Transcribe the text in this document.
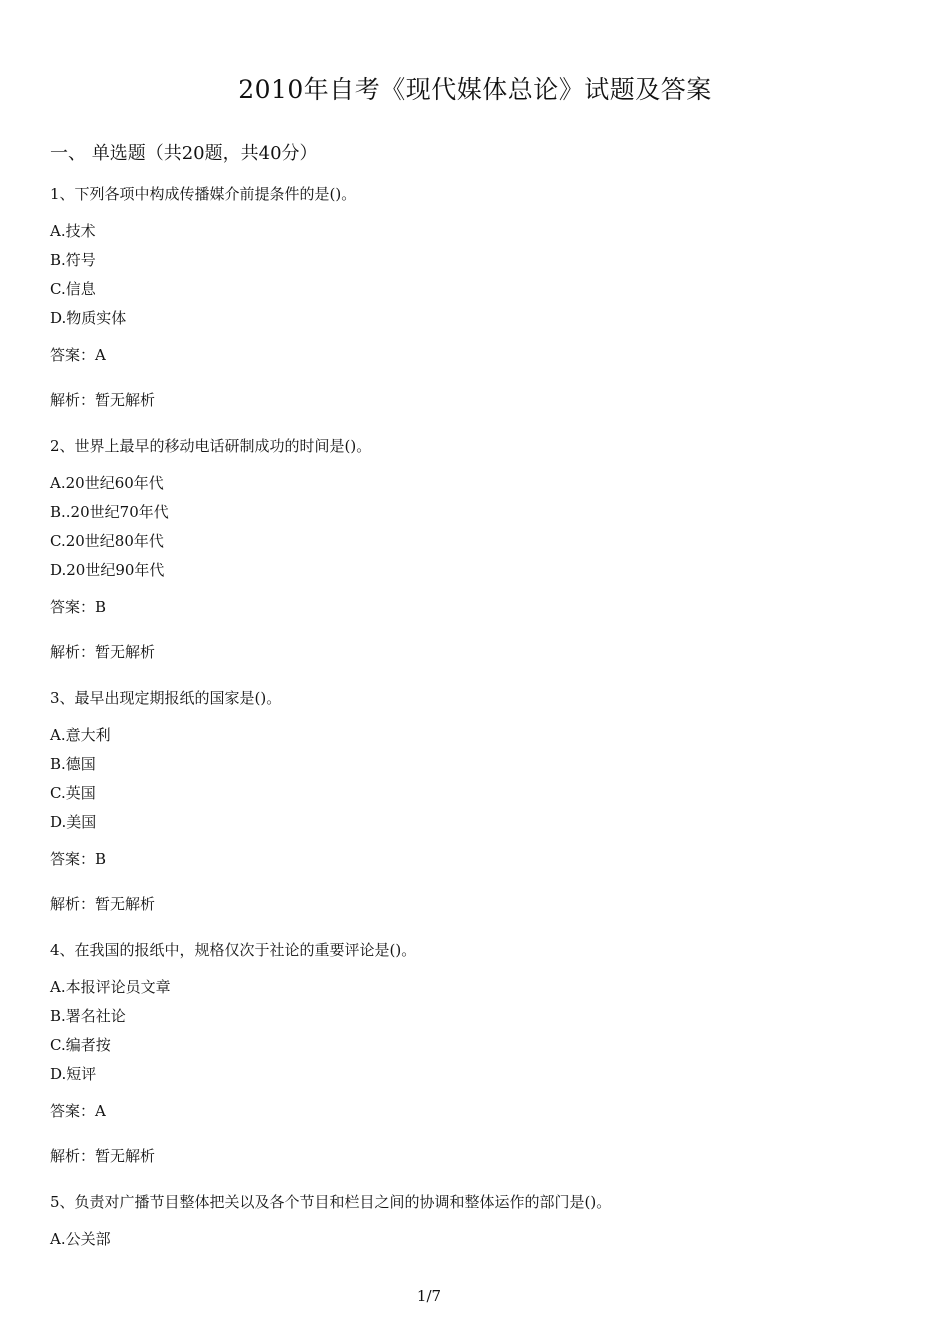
2010年自考《现代媒体总论》试题及答案
一、 单选题（共20题，共40分）
1、下列各项中构成传播媒介前提条件的是()。
A.技术
B.符号
C.信息
D.物质实体
答案：A
解析：暂无解析
2、世界上最早的移动电话研制成功的时间是()。
A.20世纪60年代
B..20世纪70年代
C.20世纪80年代
D.20世纪90年代
答案：B
解析：暂无解析
3、最早出现定期报纸的国家是()。
A.意大利
B.德国
C.英国
D.美国
答案：B
解析：暂无解析
4、在我国的报纸中，规格仅次于社论的重要评论是()。
A.本报评论员文章
B.署名社论
C.编者按
D.短评
答案：A
解析：暂无解析
5、负责对广播节目整体把关以及各个节目和栏目之间的协调和整体运作的部门是()。
A.公关部
1/7
